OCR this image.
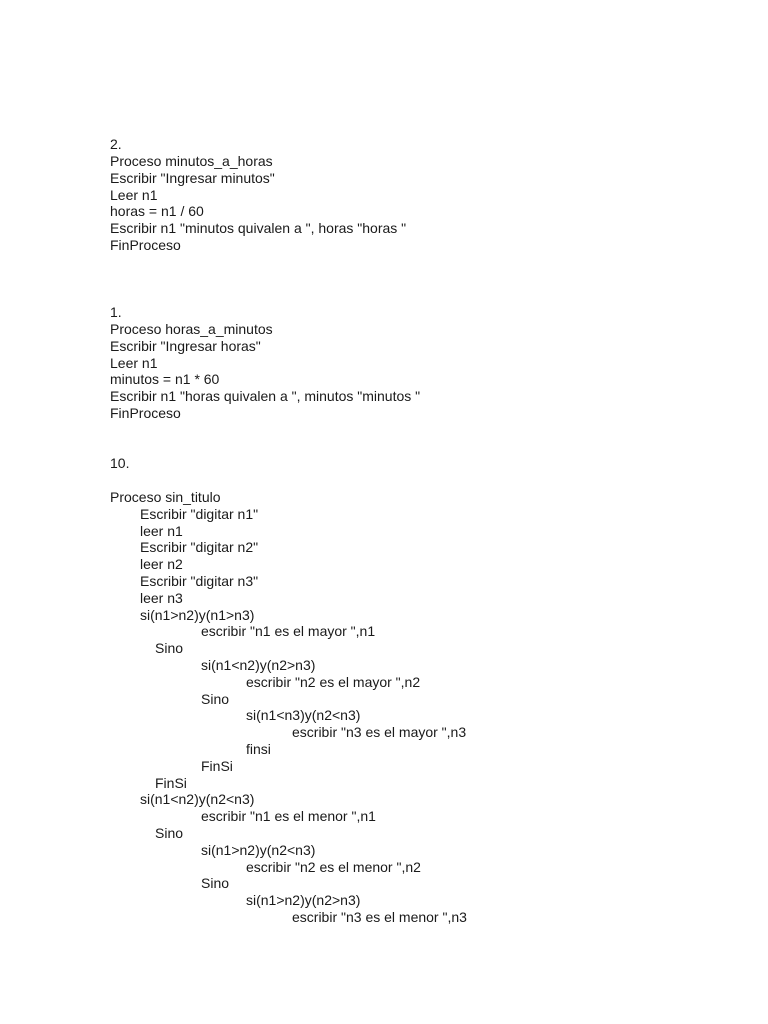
2.
Proceso minutos_a_horas
Escribir "Ingresar minutos"
Leer n1
horas = n1 / 60
Escribir n1 "minutos quivalen a ", horas "horas "
FinProceso
1.
Proceso horas_a_minutos
Escribir "Ingresar horas"
Leer n1
minutos = n1 * 60
Escribir n1 "horas quivalen a ", minutos "minutos "
FinProceso
10.
Proceso sin_titulo
Escribir "digitar n1"
leer n1
Escribir "digitar n2"
leer n2
Escribir "digitar n3"
leer n3
si(n1>n2)y(n1>n3)
escribir "n1 es el mayor ",n1
Sino
si(n1<n2)y(n2>n3)
escribir "n2 es el mayor ",n2
Sino
si(n1<n3)y(n2<n3)
escribir "n3 es el mayor ",n3
finsi
FinSi
FinSi
si(n1<n2)y(n2<n3)
escribir "n1 es el menor ",n1
Sino
si(n1>n2)y(n2<n3)
escribir "n2 es el menor ",n2
Sino
si(n1>n2)y(n2>n3)
escribir "n3 es el menor ",n3
